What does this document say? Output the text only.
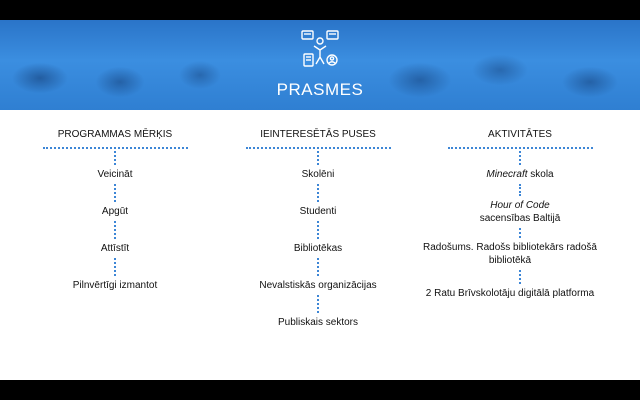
PRASMES
PROGRAMMAS MĒRĶIS
Veicināt
Apgūt
Attīstīt
Pilnvērtīgi izmantot
IEINTERESĒTĀS PUSES
Skolēni
Studenti
Bibliotēkas
Nevalstiskās organizācijas
Publiskais sektors
AKTIVITĀTES
Minecraft skola
Hour of Code
sacensības Baltijā
Radošums. Radošs bibliotekārs radošā
bibliotēkā
2 Ratu Brīvskolotāju digitālā platforma
